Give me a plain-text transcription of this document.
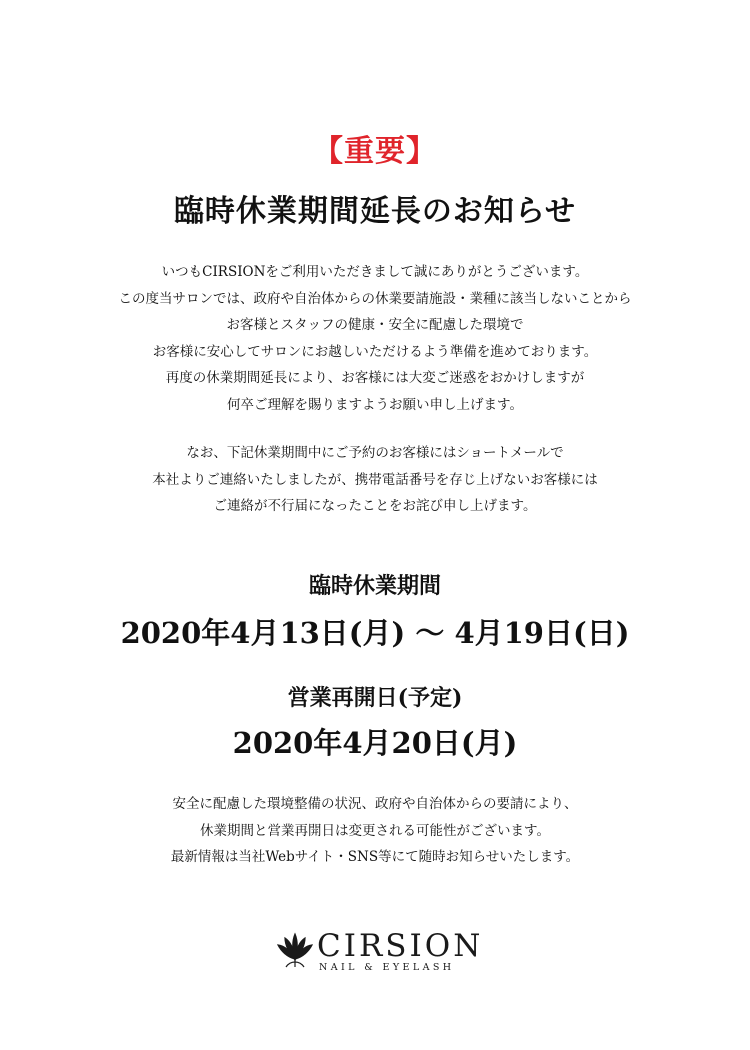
【重要】
臨時休業期間延長のお知らせ
いつもCIRSIONをご利用いただきまして誠にありがとうございます。
この度当サロンでは、政府や自治体からの休業要請施設・業種に該当しないことから
お客様とスタッフの健康・安全に配慮した環境で
お客様に安心してサロンにお越しいただけるよう準備を進めております。
再度の休業期間延長により、お客様には大変ご迷惑をおかけしますが
何卒ご理解を賜りますようお願い申し上げます。
なお、下記休業期間中にご予約のお客様にはショートメールで
本社よりご連絡いたしましたが、携帯電話番号を存じ上げないお客様には
ご連絡が不行届になったことをお詫び申し上げます。
臨時休業期間
2020年4月13日(月) 〜 4月19日(日)
営業再開日(予定)
2020年4月20日(月)
安全に配慮した環境整備の状況、政府や自治体からの要請により、
休業期間と営業再開日は変更される可能性がございます。
最新情報は当社Webサイト・SNS等にて随時お知らせいたします。
CIRSION
NAIL & EYELASH
